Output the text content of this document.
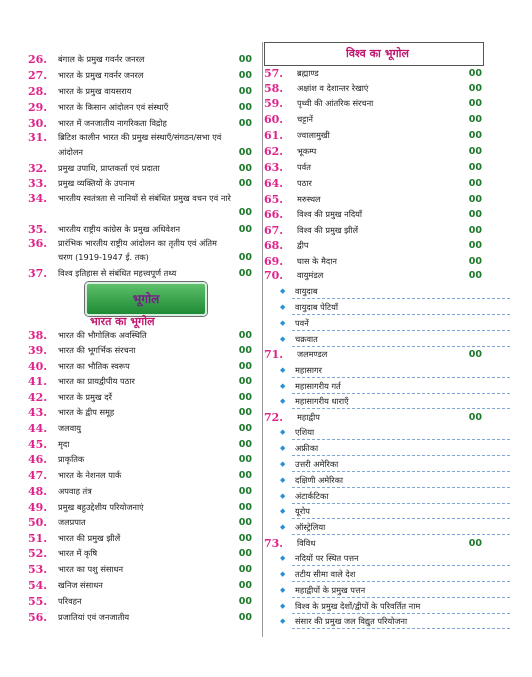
26. बंगाल के प्रमुख गवर्नर जनरल	00
27. भारत के प्रमुख गवर्नर जनरल	00
28. भारत के प्रमुख वायसराय	00
29. भारत के किसान आंदोलन एवं संस्थाएँ	00
30. भारत में जनजातीय नागरिकता विद्रोह	00
31. ब्रिटिश कालीन भारत की प्रमुख संस्थाएँ/संगठन/सभा एवं
आंदोलन	00
32. प्रमुख उपाधि, प्राप्तकर्ता एवं प्रदाता	00
33. प्रमुख व्यक्तियों के उपनाम	00
34. भारतीय स्वतंत्रता से नानियों से संबंधित प्रमुख वचन एवं नारे
00
35. भारतीय राष्ट्रीय कांग्रेस के प्रमुख अधिवेशन	00
36. प्रारंभिक भारतीय राष्ट्रीय आंदोलन का तृतीय एवं अंतिम
चरण (1919-1947 ई. तक)	00
37. विश्व इतिहास से संबंधित महत्त्वपूर्ण तथ्य	00
भूगोल
भारत का भूगोल
38. भारत की भौगोलिक अवस्थिति	00
39. भारत की भूगर्भिक संरचना	00
40. भारत का भौतिक स्वरूप	00
41. भारत का प्रायद्वीपीय पठार	00
42. भारत के प्रमुख दर्रे	00
43. भारत के द्वीप समूह	00
44. जलवायु	00
45. मृदा	00
46. प्राकृतिक	00
47. भारत के नेशनल पार्क	00
48. अपवाह तंत्र	00
49. प्रमुख बहुउद्देशीय परियोजनाएं	00
50. जलप्रपात	00
51. भारत की प्रमुख झीलें	00
52. भारत में कृषि	00
53. भारत का पशु संसाधन	00
54. खनिज संसाधन	00
55. परिवहन	00
56. प्रजातियां एवं जनजातीय	00
विश्व का भूगोल
57. ब्रह्माण्ड	00
58. अक्षांश व देशान्तर रेखाएं	00
59. पृथ्वी की आंतरिक संरचना	00
60. चट्टानें	00
61. ज्वालामुखी	00
62. भूकम्प	00
63. पर्वत	00
64. पठार	00
65. मरुस्थल	00
66. विश्व की प्रमुख नदियाँ	00
67. विश्व की प्रमुख झीलें	00
68. द्वीप	00
69. घास के मैदान	00
70. वायुमंडल	00
◆ वायुदाब
◆ वायुदाब पेटियाँ
◆ पवनें
◆ चक्रवात
71. जलमण्डल	00
◆ महासागर
◆ महासागरीय गर्त
◆ महासागरीय धाराएँ
72. महाद्वीप	00
◆ एशिया
◆ अफ्रीका
◆ उत्तरी अमेरिका
◆ दक्षिणी अमेरिका
◆ अंटार्कटिका
◆ यूरोप
◆ ऑस्ट्रेलिया
73. विविध	00
◆ नदियों पर स्थित पत्तन
◆ तटीय सीमा वाले देश
◆ महाद्वीपों के प्रमुख पत्तन
◆ विश्व के प्रमुख देशों/द्वीपों के परिवर्तित नाम
◆ संसार की प्रमुख जल विद्युत परियोजना
